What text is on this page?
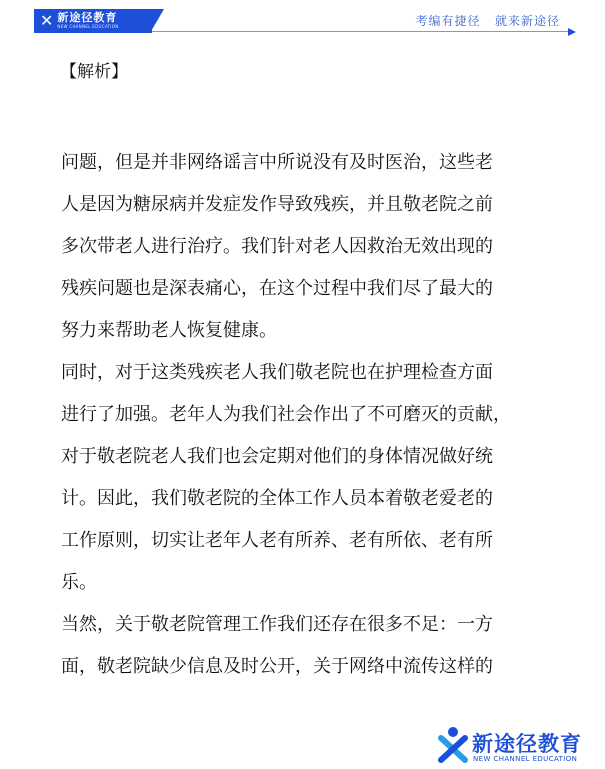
✕ 新途径教育
NEW CHANNEL EDUCATION	考编有捷径   就来新途径
【解析】
问题，但是并非网络谣言中所说没有及时医治，这些老
人是因为糖尿病并发症发作导致残疾，并且敬老院之前
多次带老人进行治疗。我们针对老人因救治无效出现的
残疾问题也是深表痛心，在这个过程中我们尽了最大的
努力来帮助老人恢复健康。
同时，对于这类残疾老人我们敬老院也在护理检查方面
进行了加强。老年人为我们社会作出了不可磨灭的贡献，
对于敬老院老人我们也会定期对他们的身体情况做好统
计。因此，我们敬老院的全体工作人员本着敬老爱老的
工作原则，切实让老年人老有所养、老有所依、老有所
乐。
当然，关于敬老院管理工作我们还存在很多不足：一方
面，敬老院缺少信息及时公开，关于网络中流传这样的
新途径教育
NEW CHANNEL EDUCATION
